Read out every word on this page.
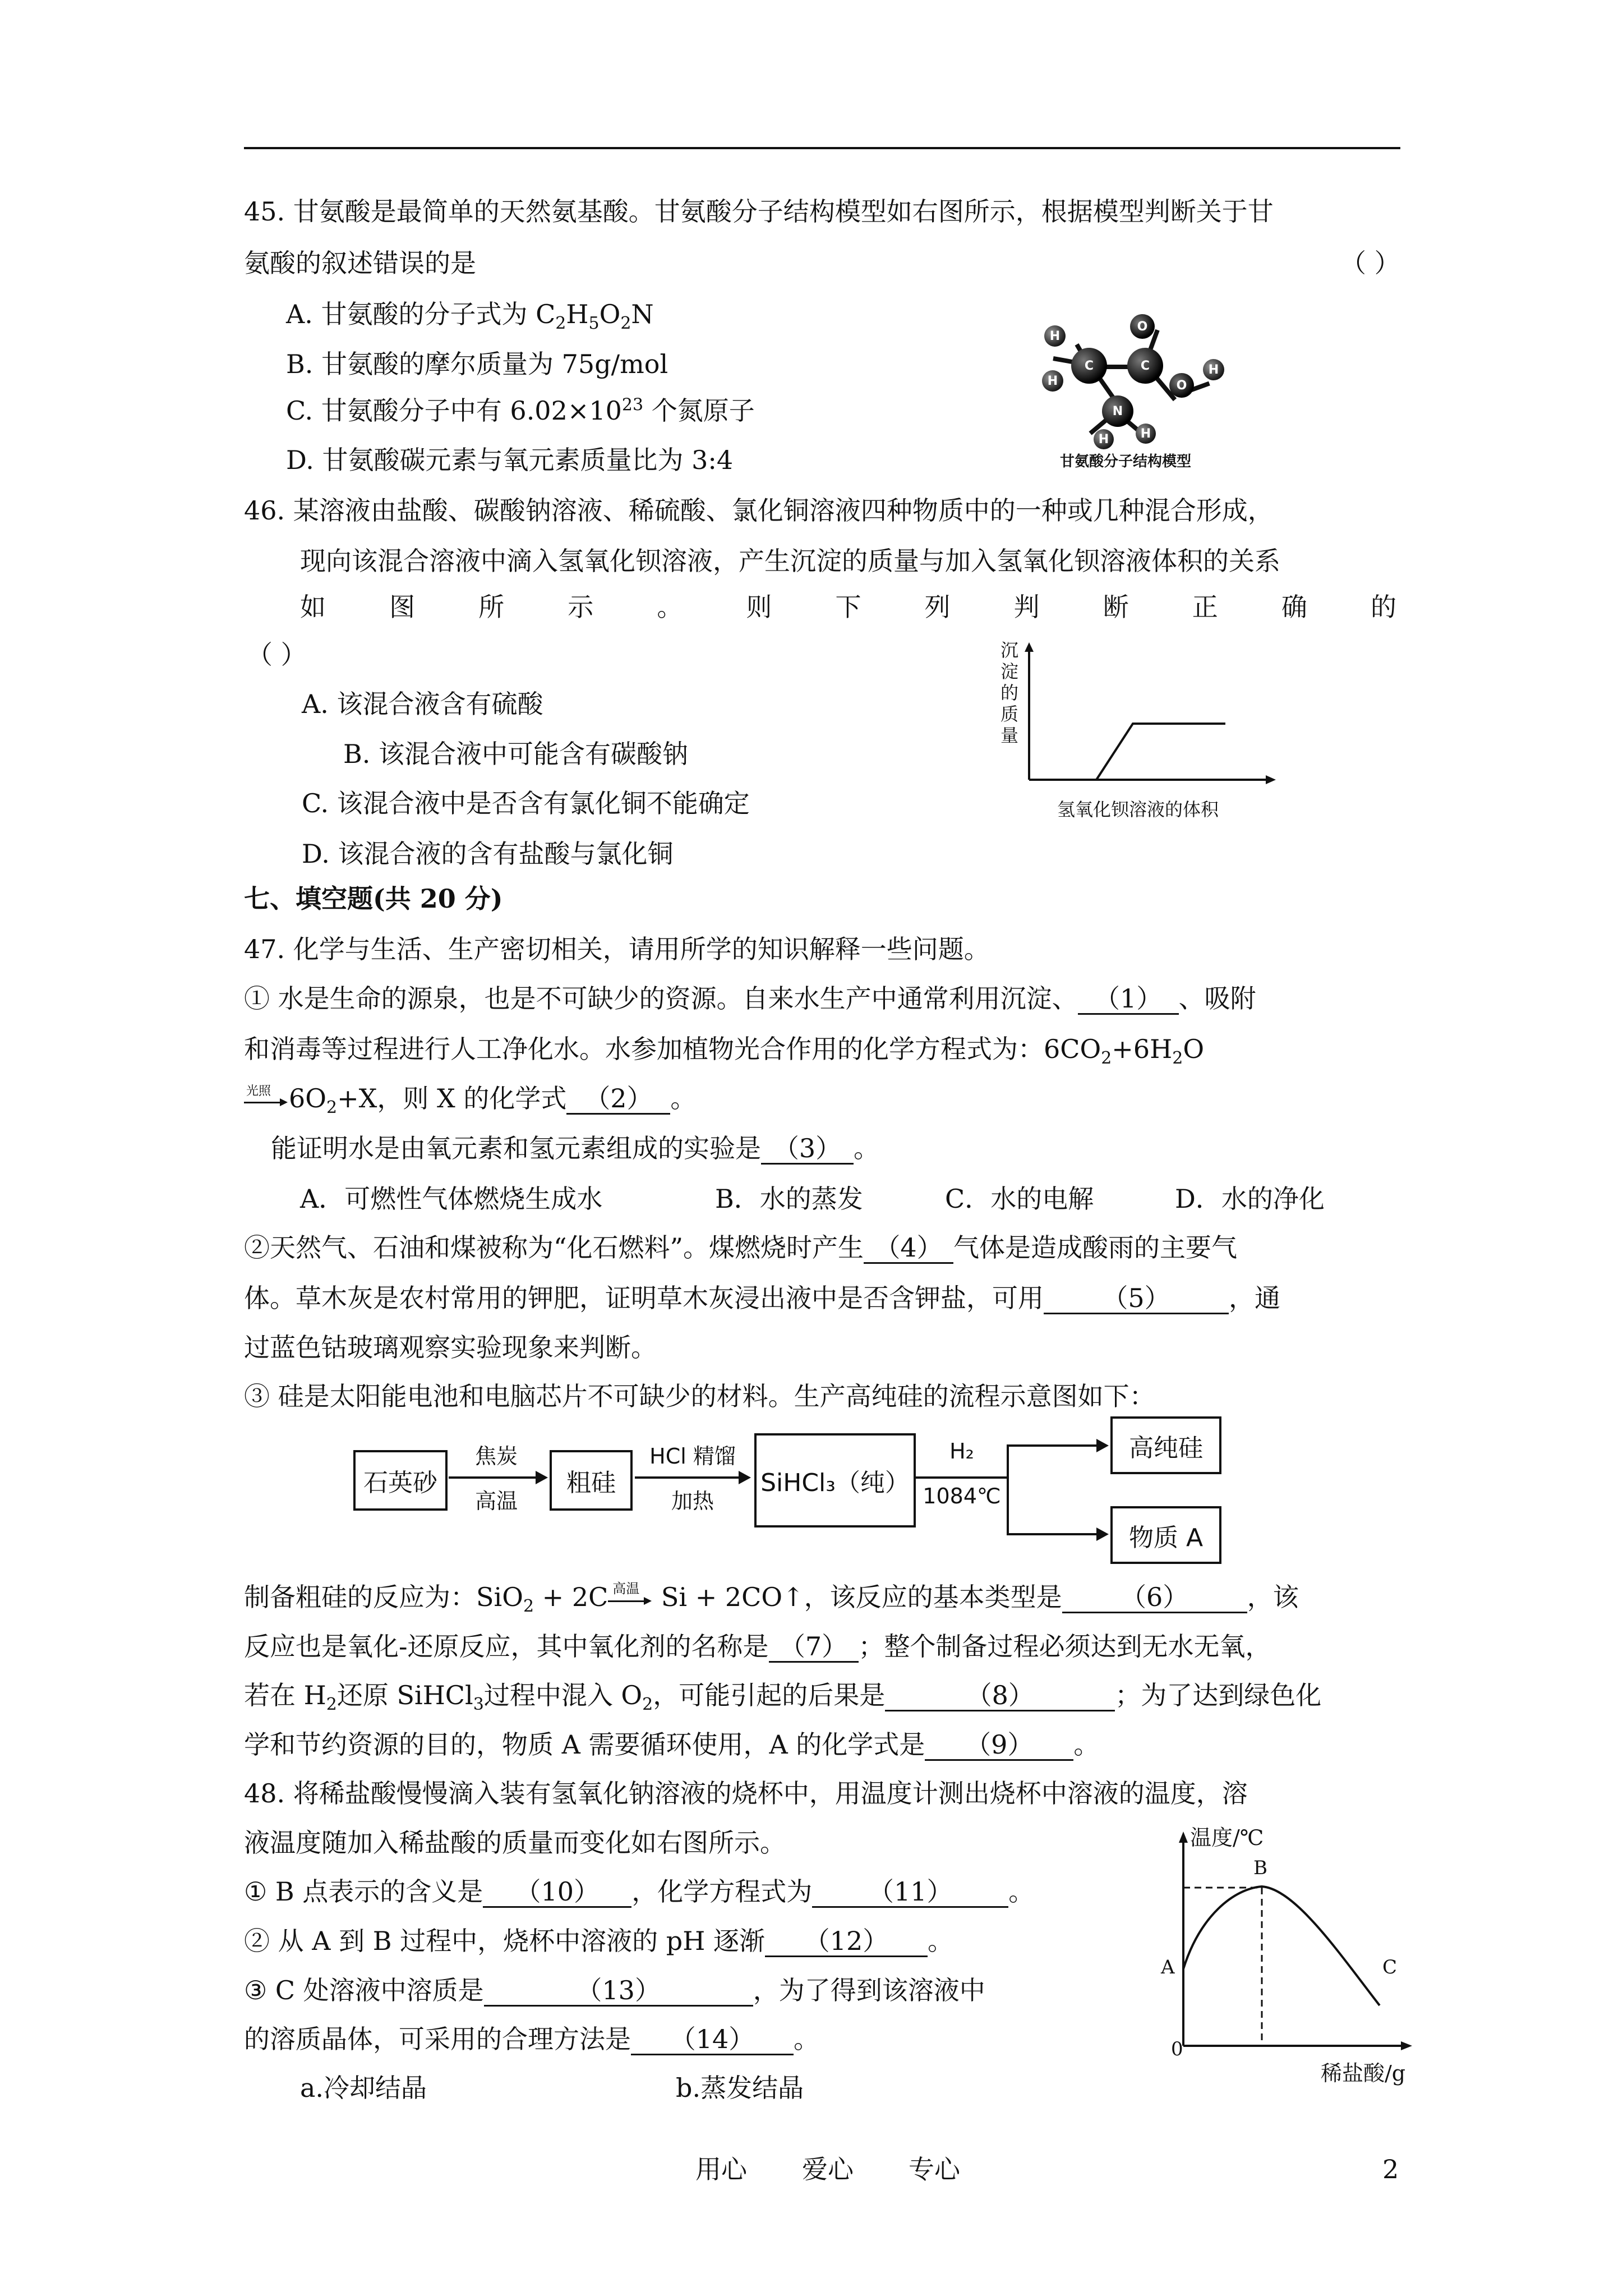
45. 甘氨酸是最简单的天然氨基酸。甘氨酸分子结构模型如右图所示，根据模型判断关于甘
氨酸的叙述错误的是	（ ）
A. 甘氨酸的分子式为 $C_2H_5O_2N$
B. 甘氨酸的摩尔质量为 75g/mol
C. 甘氨酸分子中有 $6.02\times 10^{23}$ 个氮原子
D. 甘氨酸碳元素与氧元素质量比为 3:4
H
C
H
O
O
H
N
H	H
C
甘氨酸分子结构模型
46. 某溶液由盐酸、碳酸钠溶液、稀硫酸、氯化铜溶液四种物质中的一种或几种混合形成，
现向该混合溶液中滴入氢氧化钡溶液，产生沉淀的质量与加入氢氧化钡溶液体积的关系
如 图 所 示 。 则 下 列 判 断 正 确 的
（ ）
A. 该混合液含有硫酸
B. 该混合液中可能含有碳酸钠
C. 该混合液中是否含有氯化铜不能确定
D. 该混合液的含有盐酸与氯化铜
沉
淀
的
质
量
氢氧化钡溶液的体积
七、填空题(共 20 分)
47. 化学与生活、生产密切相关，请用所学的知识解释一些问题。
① 水是生命的源泉，也是不可缺少的资源。自来水生产中通常利用沉淀、 （1） 、吸附
和消毒等过程进行人工净化水。水参加植物光合作用的化学方程式为：$6CO_2+6H_2O$
光照 $6O_2+X$，则 X 的化学式 （2） 。
能证明水是由氧元素和氢元素组成的实验是 （3） 。
A．可燃性气体燃烧生成水	B．水的蒸发	C．水的电解	D．水的净化
②天然气、石油和煤被称为“化石燃料”。煤燃烧时产生 （4） 气体是造成酸雨的主要气
体。草木灰是农村常用的钾肥，证明草木灰浸出液中是否含钾盐，可用 （5） ，通
过蓝色钴玻璃观察实验现象来判断。
③ 硅是太阳能电池和电脑芯片不可缺少的材料。生产高纯硅的流程示意图如下：
石英砂
焦炭
高温
粗硅
HCl 精馏
加热
SiHCl₃（纯）
H₂
1084℃
高纯硅
物质 A
制备粗硅的反应为：SiO$_2$ + 2C 高温 Si + 2CO↑，该反应的基本类型是 （6） ，该
反应也是氧化-还原反应，其中氧化剂的名称是 （7） ；整个制备过程必须达到无水无氧，
若在 $H_2$还原 SiHCl$_3$过程中混入 $O_2$，可能引起的后果是	（8）	；为了达到绿色化
学和节约资源的目的，物质 A 需要循环使用，A 的化学式是 （9） 。
48. 将稀盐酸慢慢滴入装有氢氧化钠溶液的烧杯中，用温度计测出烧杯中溶液的温度，溶
液温度随加入稀盐酸的质量而变化如右图所示。
① B 点表示的含义是 （10） ，化学方程式为 （11） 。
② 从 A 到 B 过程中，烧杯中溶液的 pH 逐渐 （12） 。
③ C 处溶液中溶质是	（13）	，为了得到该溶液中
的溶质晶体，可采用的合理方法是 （14） 。
a.冷却结晶	b.蒸发结晶
温度/℃
B
A	C
0
稀盐酸/g
用心 爱心 专心	2
